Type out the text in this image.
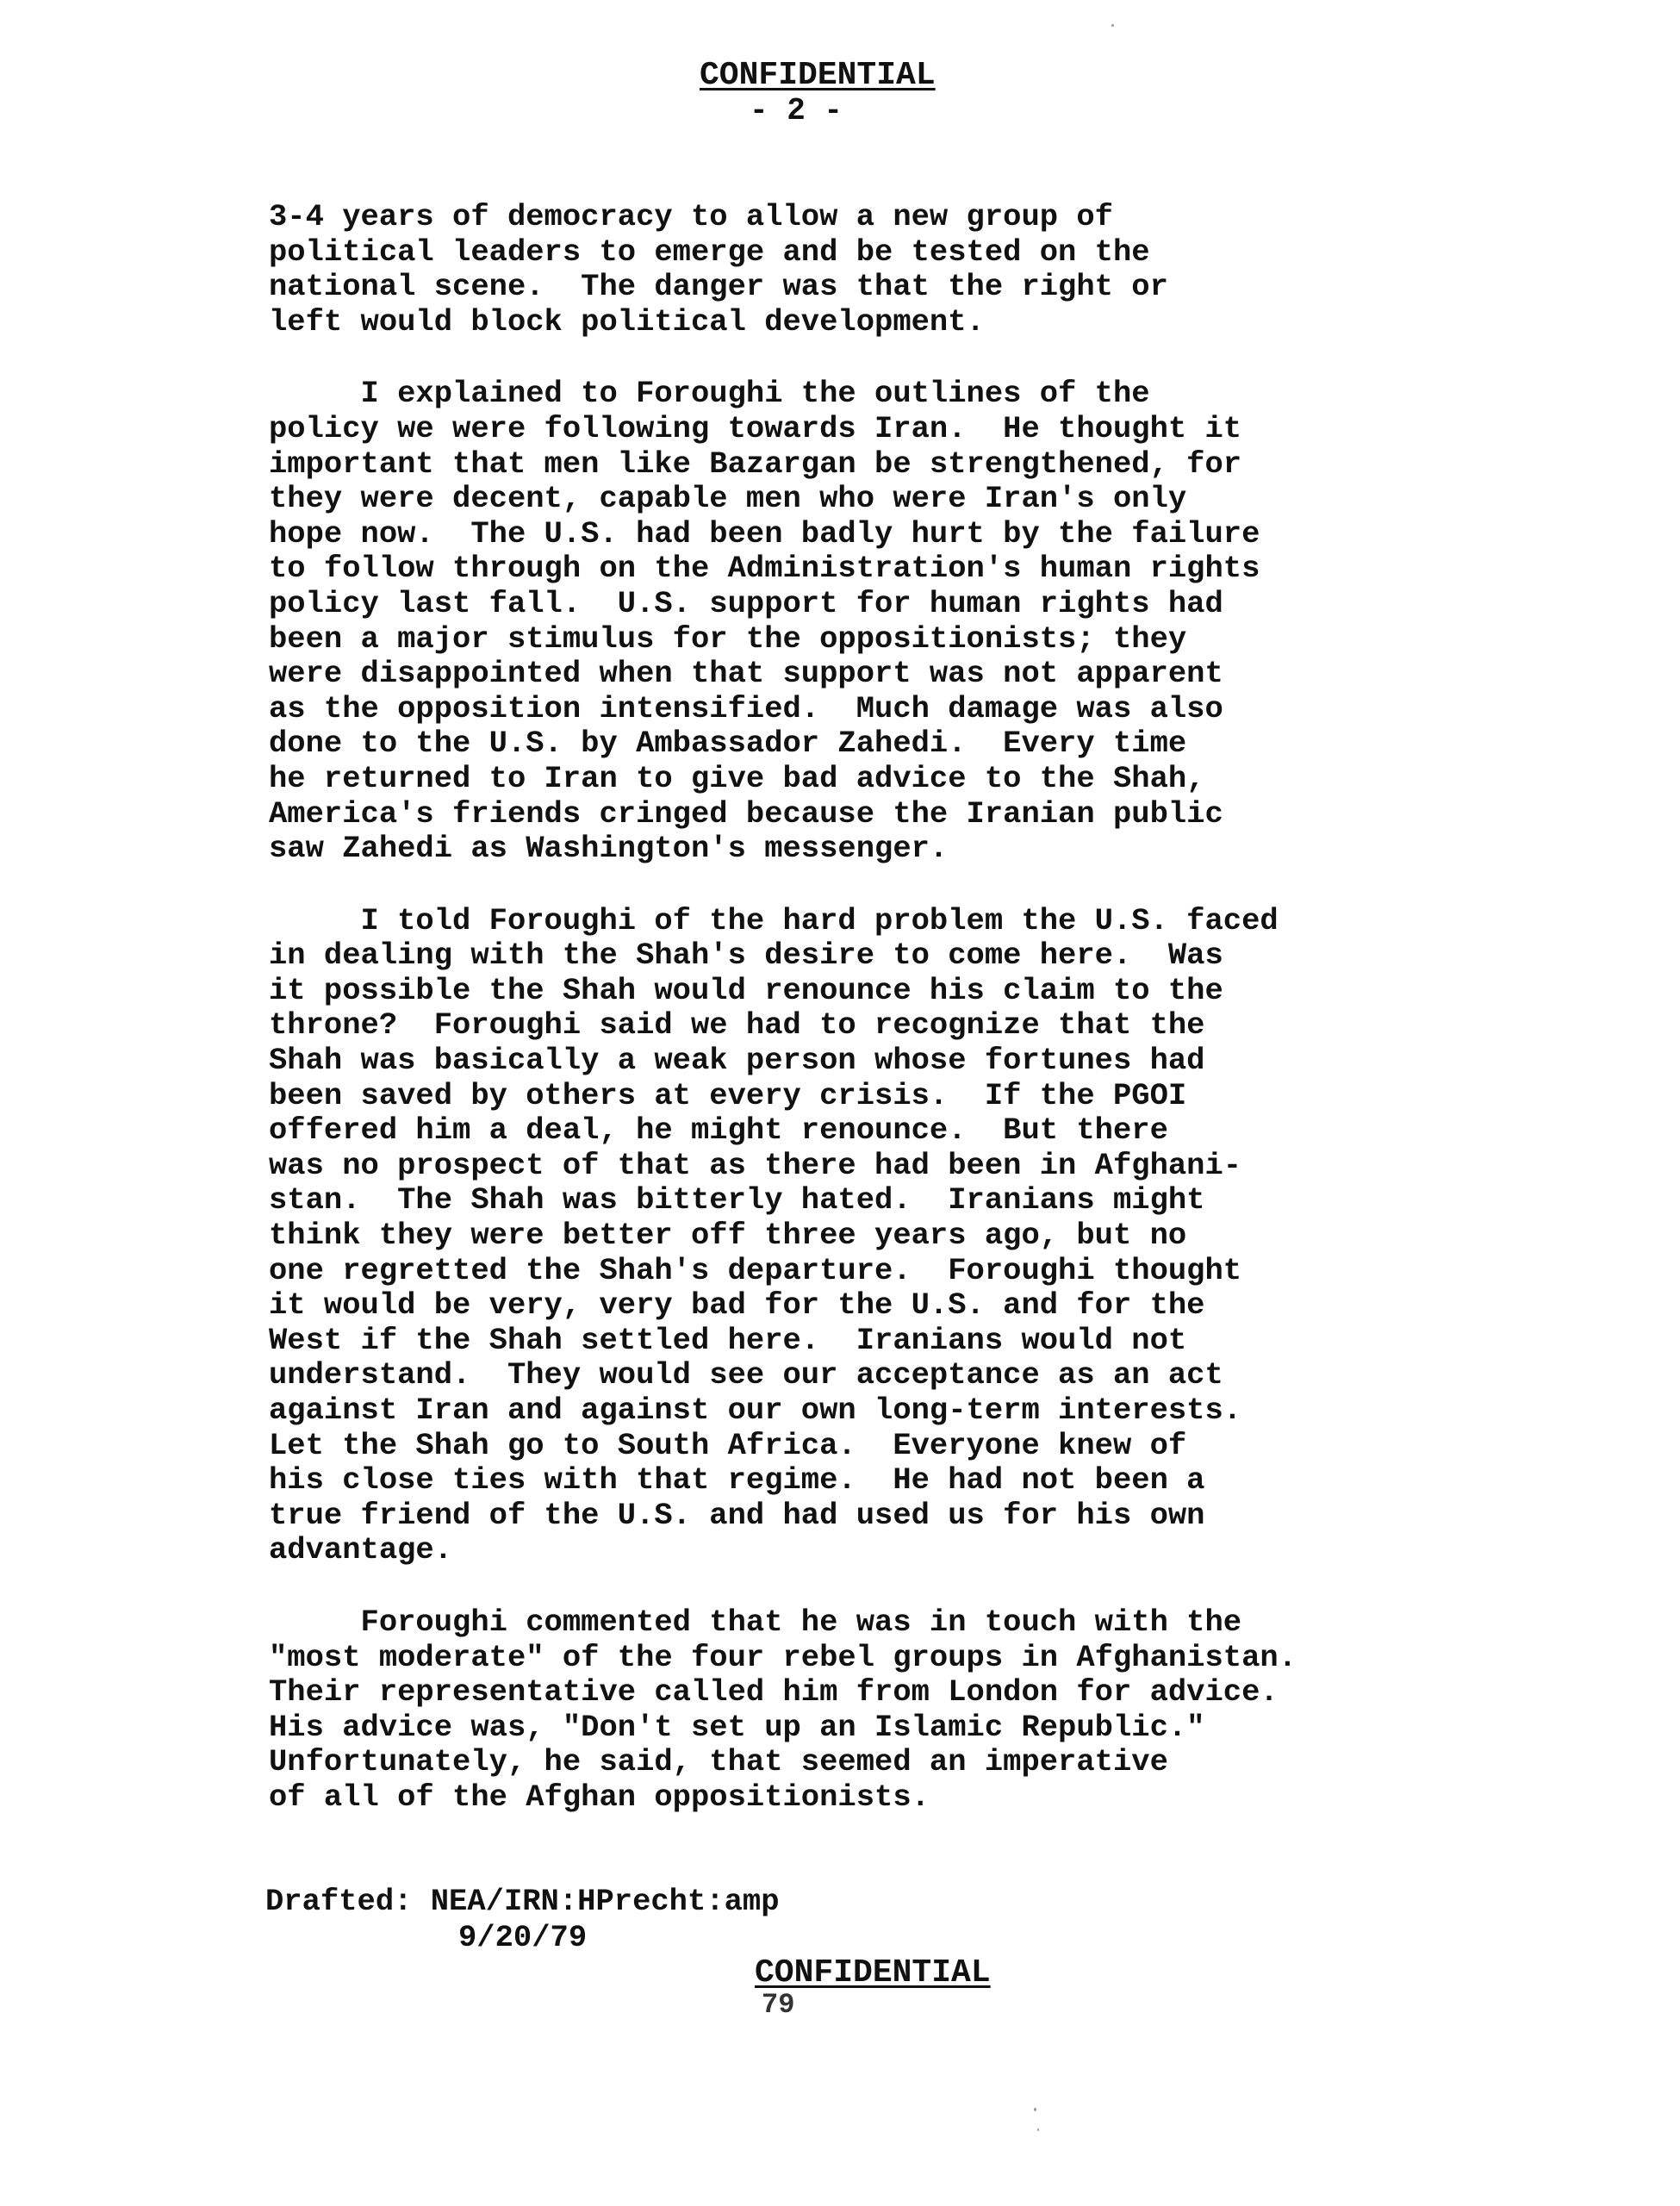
CONFIDENTIAL
- 2 -
3-4 years of democracy to allow a new group of
political leaders to emerge and be tested on the
national scene.  The danger was that the right or
left would block political development.
I explained to Foroughi the outlines of the
policy we were following towards Iran.  He thought it
important that men like Bazargan be strengthened, for
they were decent, capable men who were Iran's only
hope now.  The U.S. had been badly hurt by the failure
to follow through on the Administration's human rights
policy last fall.  U.S. support for human rights had
been a major stimulus for the oppositionists; they
were disappointed when that support was not apparent
as the opposition intensified.  Much damage was also
done to the U.S. by Ambassador Zahedi.  Every time
he returned to Iran to give bad advice to the Shah,
America's friends cringed because the Iranian public
saw Zahedi as Washington's messenger.
I told Foroughi of the hard problem the U.S. faced
in dealing with the Shah's desire to come here.  Was
it possible the Shah would renounce his claim to the
throne?  Foroughi said we had to recognize that the
Shah was basically a weak person whose fortunes had
been saved by others at every crisis.  If the PGOI
offered him a deal, he might renounce.  But there
was no prospect of that as there had been in Afghani-
stan.  The Shah was bitterly hated.  Iranians might
think they were better off three years ago, but no
one regretted the Shah's departure.  Foroughi thought
it would be very, very bad for the U.S. and for the
West if the Shah settled here.  Iranians would not
understand.  They would see our acceptance as an act
against Iran and against our own long-term interests.
Let the Shah go to South Africa.  Everyone knew of
his close ties with that regime.  He had not been a
true friend of the U.S. and had used us for his own
advantage.
Foroughi commented that he was in touch with the
"most moderate" of the four rebel groups in Afghanistan.
Their representative called him from London for advice.
His advice was, "Don't set up an Islamic Republic."
Unfortunately, he said, that seemed an imperative
of all of the Afghan oppositionists.
Drafted: NEA/IRN:HPrecht:amp
9/20/79
CONFIDENTIAL
79
